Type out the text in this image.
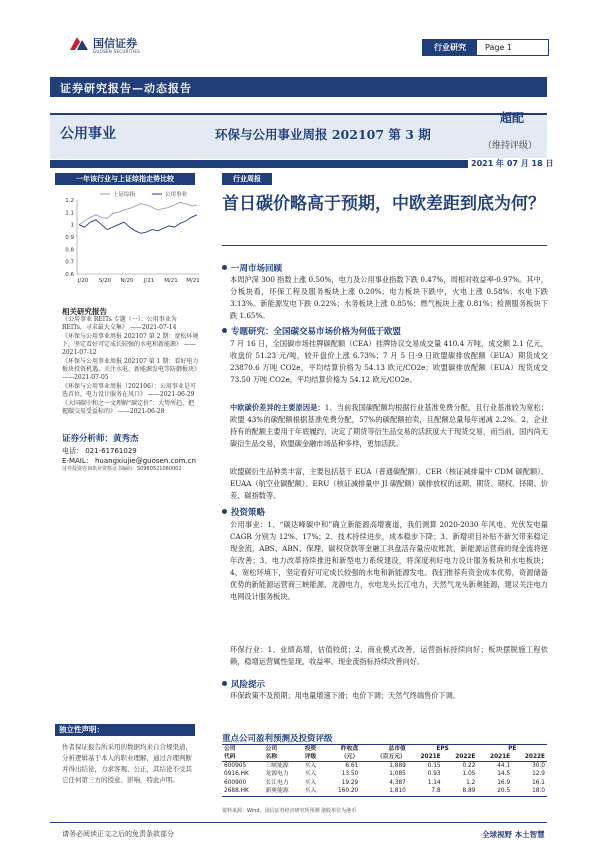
国信证券
GUOSEN SECURITIES	行业研究	Page 1
证券研究报告—动态报告
公用事业	环保与公用事业周报 202107 第 3 期
超配
（维持评级）
2021 年 07 月 18 日
一年该行业与上证综指走势比较
1.2
1.1
1
0.9
0.8
0.7
0.6
J/20 S/20 N/20 J/21 M/21 M/21
上证综指	公用事业
相关研究报告
《公用事业 REITs 专题（一）：公用事业为 REITs，寻求最大交集》 ——2021-07-14
《环保与公用事业周报 202107 第 2 期：宽松环境下，坚定看好可定成长较强的水电和新能源》 ——2021-07-12
《环保与公用事业周报 202107 第 1 期：看好电力板块投资机遇，关注水电、新能源发电等防御板块》 ——2021-07-05
《环保与公用事业周报（202106）：公用事业是可选首位，电力设计服务在风口》 ——2021-06-29
《大国碳中和之一文理解“碳定价”：大势所趋，把握碳交易受益标的》 ——2021-06-28
证券分析师：黄秀杰
电话： 021-61761029
E-MAIL： huangxiujie@guosen.com.cn
证券投资咨询执业资格证书编码：S0980521060002
独立性声明：
作者保证报告所采用的数据均来自合规渠道，分析逻辑基于本人的职业理解，通过合理判断并得出结论，力求客观、公正，其结论不受其它任何第三方的授意、影响，特此声明。
行业周报
首日碳价略高于预期，中欧差距到底为何？
一周市场回顾
本周沪深 300 指数上涨 0.50%，电力及公用事业指数下跌 0.47%，周相对收益率-0.97%。其中，分板块看，环保工程及服务板块上涨 0.20%；电力板块下跌中，火电上涨 0.58%；水电下跌 3.13%。新能源发电下跌 0.22%；水务板块上涨 0.85%；燃气板块上涨 0.81%；检测服务板块下跌 1.65%。
专题研究：全国碳交易市场价格为何低于欧盟
7 月 16 日，全国碳市场挂牌碳配额（CEA）挂牌协议交易成交量 410.4 万吨，成交额 2.1 亿元，收盘价 51.23 元/吨，较开盘价上涨 6.73%；7 月 5 日-9 日欧盟碳排放配额（EUA）期货成交 23870.6 万吨 CO2e，平均结算价格为 54.13 欧元/CO2e；欧盟碳排放配额（EUA）现货成交 73.50 万吨 CO2e，平均结算价格为 54.12 欧元/CO2e。
中欧碳价差异的主要原因是：1、当前我国碳配额均根据行业基准免费分配，且行业基准较为宽松；欧盟 43%的碳配额根据基准免费分配，57%的碳配额拍卖，且配额总量每年递减 2.2%。2、企业持有的配额主要用于年底履约，决定了期货等衍生品交易的活跃度大于现货交易，而当前，国内尚无碳衍生品交易，欧盟碳金融市场品种多样，更加活跃。
欧盟碳衍生品种类丰富，主要包括基于 EUA（普通碳配额）、CER（核证减排量中 CDM 碳配额）、EUAA（航空业碳配额）、ERU（核证减排量中 JI 碳配额）碳排放权的远期、期货、期权、择期、价差、碳指数等。
投资策略
公用事业：1、“碳达峰碳中和”确立新能源高增赛道，我们测算 2020-2030 年风电、光伏发电量 CAGR 分别为 12%、17%；2、技术持续进步，成本稳步下降；3、新增项目补贴不新欠带来稳定现金流，ABS、ABN、保理、碳权贷款等金融工具盘活存量应收账款，新能源运营商的现金流将逐年改善；3、电力改革持续推进和新型电力系统建设，将深度利好电力设计服务板块和水电板块；4、宽松环境下，坚定看好可定成长较强的水电和新能源发电。我们推荐有资金成本优势，资源储备优势的新能源运营商三峡能源、龙源电力，水电龙头长江电力，天然气龙头新奥能源，建议关注电力电网设计服务板块。
环保行业：1、业绩高增，估值较低；2、商业模式改善，运营指标持续向好；板块摆脱施工程依赖，稳增运营属性显现，收益率、现金流指标持续改善向好。
风险提示
环保政策不及预期；用电量增速下滑；电价下调；天然气终端售价下调。
重点公司盈利预测及投资评级
公司	公司	投资	昨收盘	总市值	EPS		PE	
代码	名称	评级	（元）	（百万元）	2021E	2022E	2021E	2022E
600905	三峡能源	买入	6.61	1,889	0.15	0.22	44.1	30.0
0916.HK	龙源电力	买入	13.50	1,085	0.93	1.05	14.5	12.9
600900	长江电力	买入	19.29	4,387	1.14	1.2	16.9	16.1
2688.HK	新奥能源	买入	160.20	1,810	7.8	8.89	20.5	18.0
资料来源：Wind、国信证券经济研究所预测 港股单位为港币
请务必阅读正文之后的免责条款部分	全球视野 本土智慧
